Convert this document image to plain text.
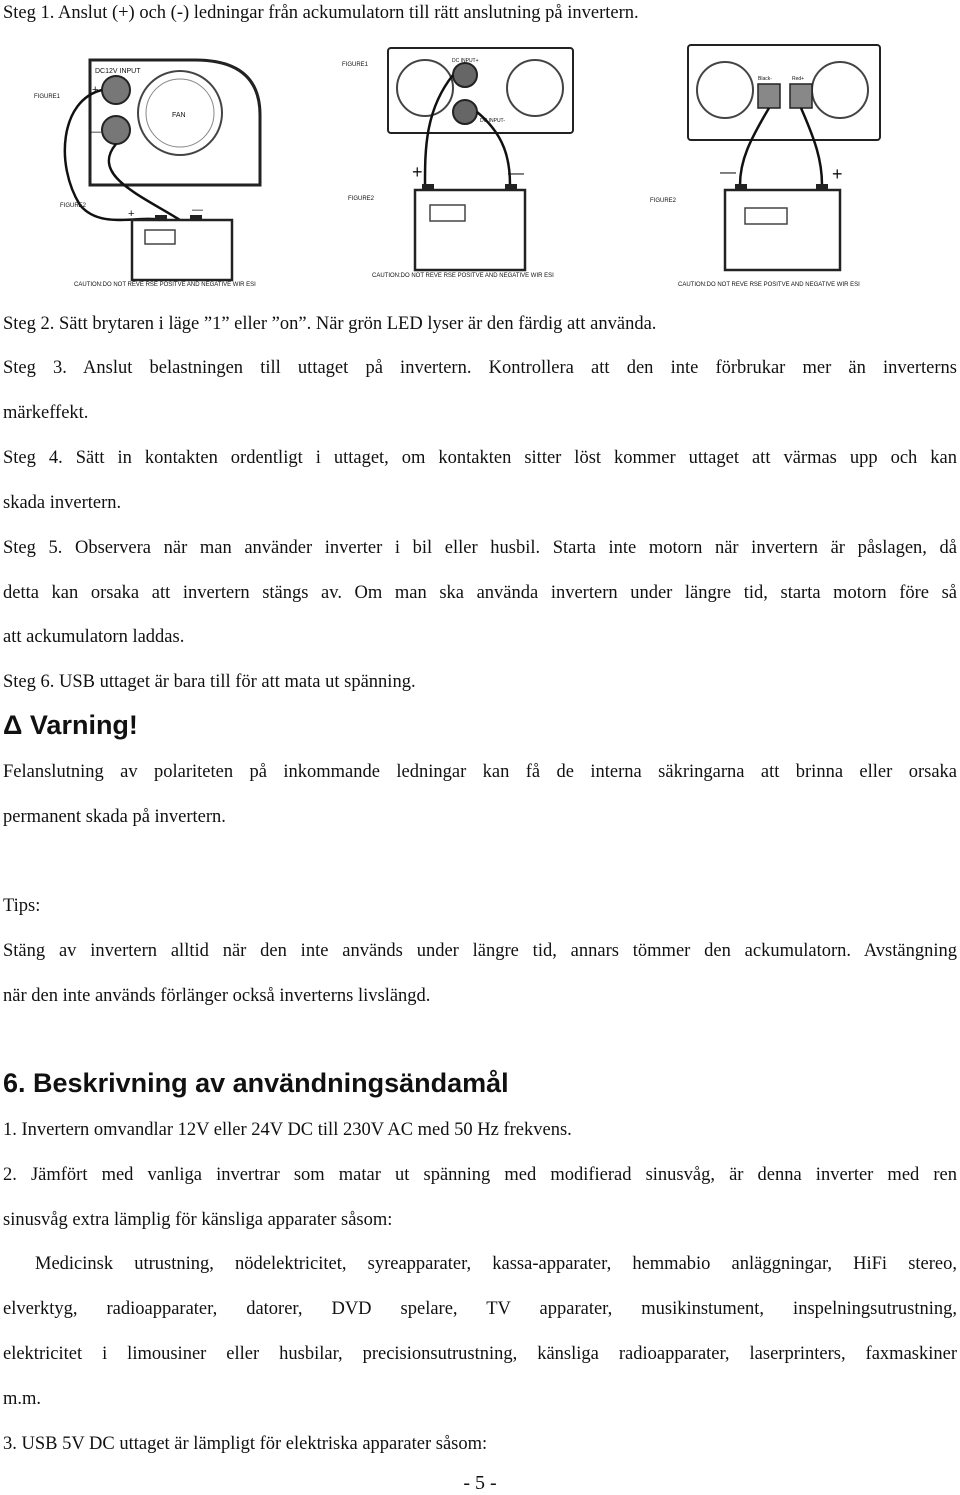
Steg 1. Anslut (+) och (-) ledningar från ackumulatorn till rätt anslutning på invertern.
DC12V INPUT
FAN
FIGURE1
FIGURE2
+
—
+	—
CAUTION:DO NOT REVE RSE POSITVE AND NEGATIVE WIR ESI
FIGURE1
FIGURE2
DC INPUT+
DC INPUT-
+	—
CAUTION:DO NOT REVE RSE POSITVE AND NEGATIVE WIR ESI
Black-	Red+
FIGURE2
—	+
CAUTION:DO NOT REVE RSE POSITVE AND NEGATIVE WIR ESI
Steg 2. Sätt brytaren i läge ”1” eller ”on”. När grön LED lyser är den färdig att använda.
Steg 3. Anslut belastningen till uttaget på invertern. Kontrollera att den inte förbrukar mer än inverterns
märkeffekt.
Steg 4. Sätt in kontakten ordentligt i uttaget, om kontakten sitter löst kommer uttaget att värmas upp och kan
skada invertern.
Steg 5. Observera när man använder inverter i bil eller husbil. Starta inte motorn när invertern är påslagen, då
detta kan orsaka att invertern stängs av. Om man ska använda invertern under längre tid, starta motorn före så
att ackumulatorn laddas.
Steg 6. USB uttaget är bara till för att mata ut spänning.
Δ Varning!
Felanslutning av polariteten på inkommande ledningar kan få de interna säkringarna att brinna eller orsaka
permanent skada på invertern.
Tips:
Stäng av invertern alltid när den inte används under längre tid, annars tömmer den ackumulatorn. Avstängning
när den inte används förlänger också inverterns livslängd.
6. Beskrivning av användningsändamål
1. Invertern omvandlar 12V eller 24V DC till 230V AC med 50 Hz frekvens.
2. Jämfört med vanliga invertrar som matar ut spänning med modifierad sinusvåg, är denna inverter med ren
sinusvåg extra lämplig för känsliga apparater såsom:
Medicinsk utrustning, nödelektricitet, syreapparater, kassa-apparater, hemmabio anläggningar, HiFi stereo,
elverktyg, radioapparater, datorer, DVD spelare, TV apparater, musikinstument, inspelningsutrustning,
elektricitet i limousiner eller husbilar, precisionsutrustning, känsliga radioapparater, laserprinters, faxmaskiner
m.m.
3. USB 5V DC uttaget är lämpligt för elektriska apparater såsom:
- 5 -
